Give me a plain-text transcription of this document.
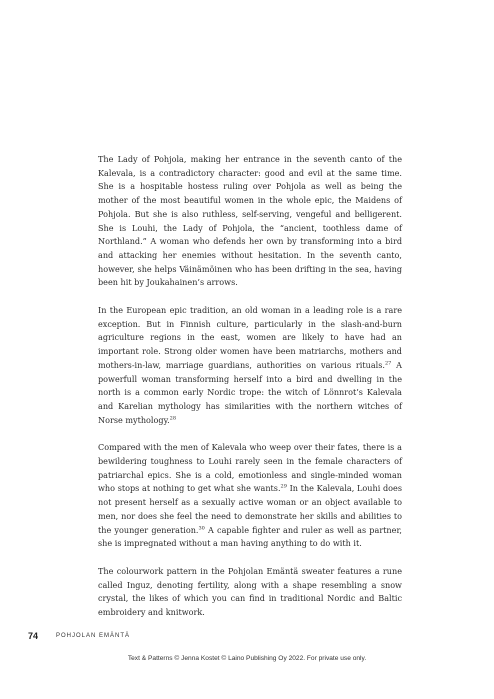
The Lady of Pohjola, making her entrance in the seventh canto of the Kalevala, is a contradictory character: good and evil at the same time. She is a hospitable hostess ruling over Pohjola as well as being the mother of the most beautiful women in the whole epic, the Maidens of Pohjola. But she is also ruthless, self-serving, vengeful and belligerent. She is Louhi, the Lady of Pohjola, the “ancient, toothless dame of Northland.” A woman who defends her own by transforming into a bird and attacking her enemies without hesitation. In the seventh canto, however, she helps Väinämöinen who has been drifting in the sea, having been hit by Joukahainen’s arrows.

In the European epic tradition, an old woman in a leading role is a rare exception. But in Finnish culture, particularly in the slash-and-burn agriculture regions in the east, women are likely to have had an important role. Strong older women have been matriarchs, mothers and mothers-in-law, marriage guardians, authorities on various rituals.$^{27}$ A powerfull woman transforming herself into a bird and dwelling in the north is a common early Nordic trope: the witch of Lönnrot’s Kalevala and Karelian mythology has similarities with the northern witches of Norse mythology.$^{28}$

Compared with the men of Kalevala who weep over their fates, there is a bewildering toughness to Louhi rarely seen in the female characters of patriarchal epics. She is a cold, emotionless and single-minded woman who stops at nothing to get what she wants.$^{29}$ In the Kalevala, Louhi does not present herself as a sexually active woman or an object available to men, nor does she feel the need to demonstrate her skills and abilities to the younger generation.$^{30}$ A capable fighter and ruler as well as partner, she is impregnated without a man having anything to do with it.

The colourwork pattern in the Pohjolan Emäntä sweater features a rune called Inguz, denoting fertility, along with a shape resembling a snow crystal, the likes of which you can find in traditional Nordic and Baltic embroidery and knitwork.

74	POHJOLAN EMÄNTÄ
Text & Patterns © Jenna Kostet © Laino Publishing Oy 2022. For private use only.
